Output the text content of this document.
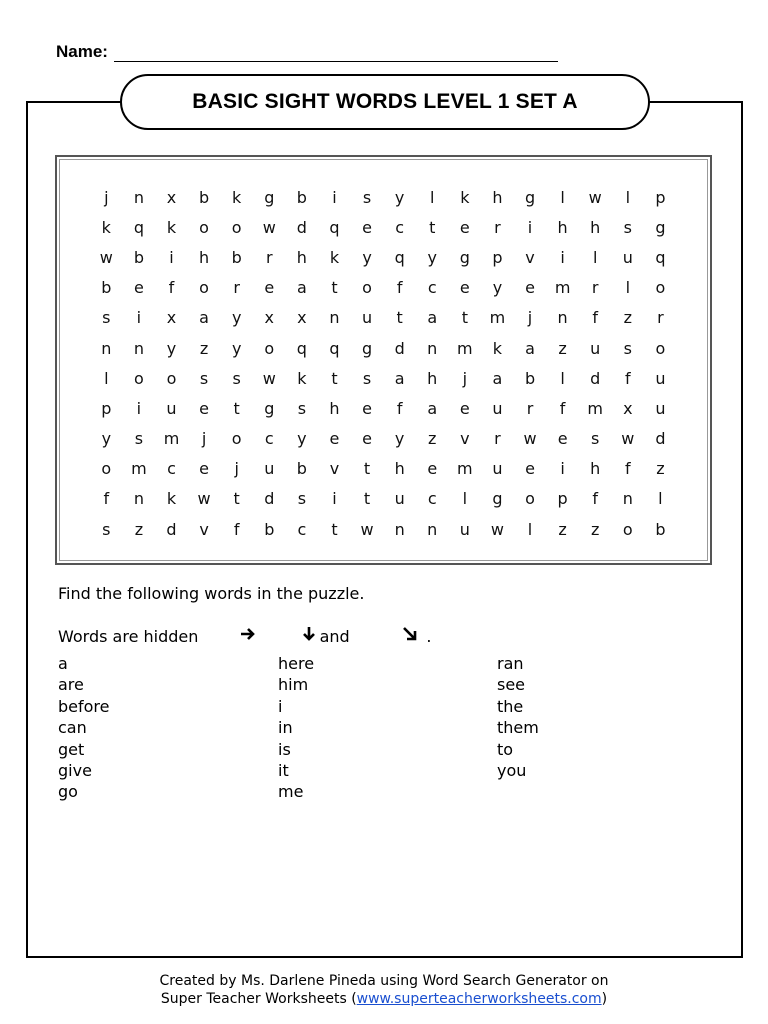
Name:
BASIC SIGHT WORDS LEVEL 1 SET A
j	n	x	b	k	g	b	i	s	y	l	k	h	g	l	w	l	p
k	q	k	o	o	w	d	q	e	c	t	e	r	i	h	h	s	g
w	b	i	h	b	r	h	k	y	q	y	g	p	v	i	l	u	q
b	e	f	o	r	e	a	t	o	f	c	e	y	e	m	r	l	o
s	i	x	a	y	x	x	n	u	t	a	t	m	j	n	f	z	r
n	n	y	z	y	o	q	q	g	d	n	m	k	a	z	u	s	o
l	o	o	s	s	w	k	t	s	a	h	j	a	b	l	d	f	u
p	i	u	e	t	g	s	h	e	f	a	e	u	r	f	m	x	u
y	s	m	j	o	c	y	e	e	y	z	v	r	w	e	s	w	d
o	m	c	e	j	u	b	v	t	h	e	m	u	e	i	h	f	z
f	n	k	w	t	d	s	i	t	u	c	l	g	o	p	f	n	l
s	z	d	v	f	b	c	t	w	n	n	u	w	l	z	z	o	b
Find the following words in the puzzle.
Words are hidden

	and

	.
a
are
before
can
get
give
go
here
him
i
in
is
it
me
ran
see
the
them
to
you
Created by Ms. Darlene Pineda using Word Search Generator on
Super Teacher Worksheets (www.superteacherworksheets.com)
